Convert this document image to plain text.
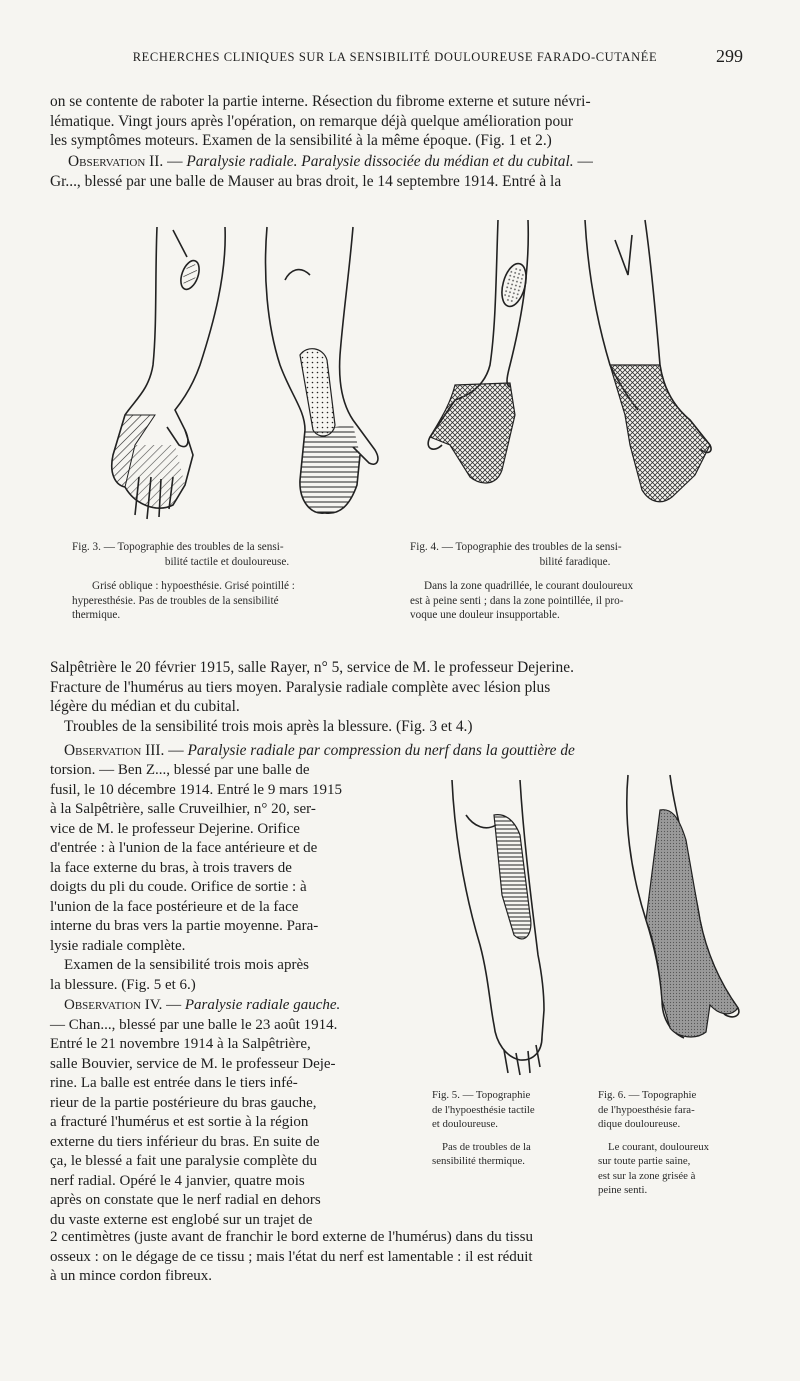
RECHERCHES CLINIQUES SUR LA SENSIBILITÉ DOULOUREUSE FARADO-CUTANÉE	299
on se contente de raboter la partie interne. Résection du fibrome externe et suture névri-
lématique. Vingt jours après l'opération, on remarque déjà quelque amélioration pour
les symptômes moteurs. Examen de la sensibilité à la même époque. (Fig. 1 et 2.)
Observation II. — Paralysie radiale. Paralysie dissociée du médian et du cubital. —
Gr..., blessé par une balle de Mauser au bras droit, le 14 septembre 1914. Entré à la
Fig. 3. — Topographie des troubles de la sensi-
bilité tactile et douloureuse.
Grisé oblique : hypoesthésie. Grisé pointillé :
hyperesthésie. Pas de troubles de la sensibilité
thermique.
Fig. 4. — Topographie des troubles de la sensi-
bilité faradique.
Dans la zone quadrillée, le courant douloureux
est à peine senti ; dans la zone pointillée, il pro-
voque une douleur insupportable.
Salpêtrière le 20 février 1915, salle Rayer, n° 5, service de M. le professeur Dejerine.
Fracture de l'humérus au tiers moyen. Paralysie radiale complète avec lésion plus
légère du médian et du cubital.
Troubles de la sensibilité trois mois après la blessure. (Fig. 3 et 4.)
Observation III. — Paralysie radiale par compression du nerf dans la gouttière de
torsion. — Ben Z..., blessé par une balle de
fusil, le 10 décembre 1914. Entré le 9 mars 1915
à la Salpêtrière, salle Cruveilhier, n° 20, ser-
vice de M. le professeur Dejerine. Orifice
d'entrée : à l'union de la face antérieure et de
la face externe du bras, à trois travers de
doigts du pli du coude. Orifice de sortie : à
l'union de la face postérieure et de la face
interne du bras vers la partie moyenne. Para-
lysie radiale complète.
Examen de la sensibilité trois mois après
la blessure. (Fig. 5 et 6.)
Observation IV. — Paralysie radiale gauche.
— Chan..., blessé par une balle le 23 août 1914.
Entré le 21 novembre 1914 à la Salpêtrière,
salle Bouvier, service de M. le professeur Deje-
rine. La balle est entrée dans le tiers infé-
rieur de la partie postérieure du bras gauche,
a fracturé l'humérus et est sortie à la région
externe du tiers inférieur du bras. En suite de
ça, le blessé a fait une paralysie complète du
nerf radial. Opéré le 4 janvier, quatre mois
après on constate que le nerf radial en dehors
du vaste externe est englobé sur un trajet de
Fig. 5. — Topographie
de l'hypoesthésie tactile
et douloureuse.
Pas de troubles de la
sensibilité thermique.
Fig. 6. — Topographie
de l'hypoesthésie fara-
dique douloureuse.
Le courant, douloureux
sur toute partie saine,
est sur la zone grisée à
peine senti.
2 centimètres (juste avant de franchir le bord externe de l'humérus) dans du tissu
osseux : on le dégage de ce tissu ; mais l'état du nerf est lamentable : il est réduit
à un mince cordon fibreux.
